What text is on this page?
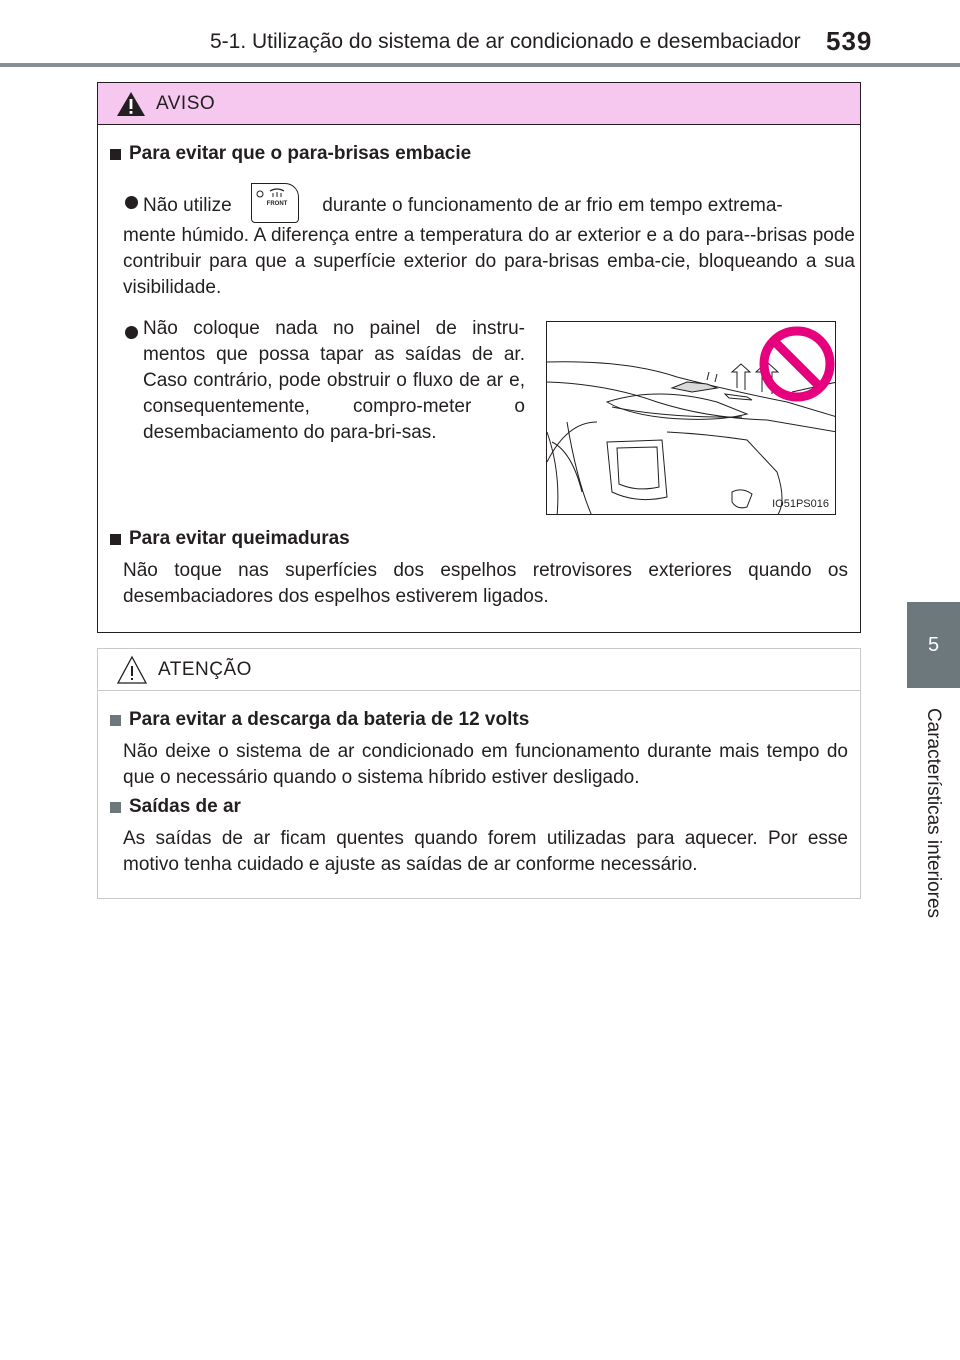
5-1. Utilização do sistema de ar condicionado e desembaciador 539
5
Características interiores
AVISO
Para evitar que o para-brisas embacie
Não utilize	FRONT durante o funcionamento de ar frio em tempo extrema-
mente húmido. A diferença entre a temperatura do ar exterior e a do para--brisas pode contribuir para que a superfície exterior do para-brisas emba-cie, bloqueando a sua visibilidade.
Não coloque nada no painel de instru-mentos que possa tapar as saídas de ar. Caso contrário, pode obstruir o fluxo de ar e, consequentemente, compro-meter o desembaciamento do para-bri-sas.
IO51PS016
Para evitar queimaduras
Não toque nas superfícies dos espelhos retrovisores exteriores quando os desembaciadores dos espelhos estiverem ligados.
ATENÇÃO
Para evitar a descarga da bateria de 12 volts
Não deixe o sistema de ar condicionado em funcionamento durante mais tempo do que o necessário quando o sistema híbrido estiver desligado.
Saídas de ar
As saídas de ar ficam quentes quando forem utilizadas para aquecer. Por esse motivo tenha cuidado e ajuste as saídas de ar conforme necessário.
